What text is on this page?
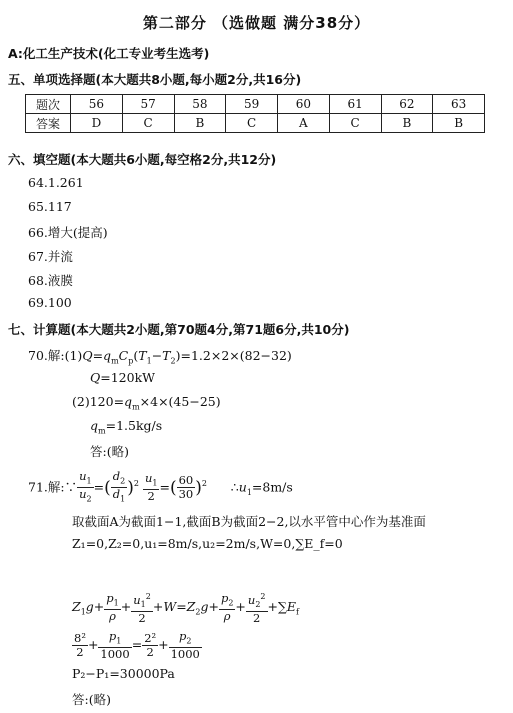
第二部分 （选做题 满分38分）
A:化工生产技术(化工专业考生选考)
五、单项选择题(本大题共8小题,每小题2分,共16分)
题次	56	57	58	59	60	61	62	63
答案	D	C	B	C	A	C	B	B
六、填空题(本大题共6小题,每空格2分,共12分)
64.1.261
65.117
66.增大(提高)
67.并流
68.液膜
69.100
七、计算题(本大题共2小题,第70题4分,第71题6分,共10分)
70.解$:(1)Q=q_mC_p(T_1-T_2)=1.2\times 2\times(82-32)$
Q=120kW
$(2)120=q_m\times 4\times(45-25)$
$q_m=1.5kg/s$
答:(略)
71.解:∵ $\frac{u_1}{u_2}$ =( $\frac{d_2}{d_1} )^2 \frac{u_1}{2}$ =( $\frac{60}{30} )^2$ $\therefore u_1=8m/s$
取截面A为截面1−1,截面B为截面2−2,以水平管中心作为基准面
Z₁=0,Z₂=0,u₁=8m/s,u₂=2m/s,W=0,∑E_f=0
$Z_1g+ \frac{p_1}{\rho} + \frac{u_1^2}{2} +W=Z_2g+ \frac{p_2}{\rho} + \frac{u_2^2}{2} +\sum E_f$
$\frac{\text{8²}}{2} + \frac{p_1}{1000} = \frac{\text{2²}}{2} + \frac{p_2}{1000}$
P₂−P₁=30000Pa
答:(略)
